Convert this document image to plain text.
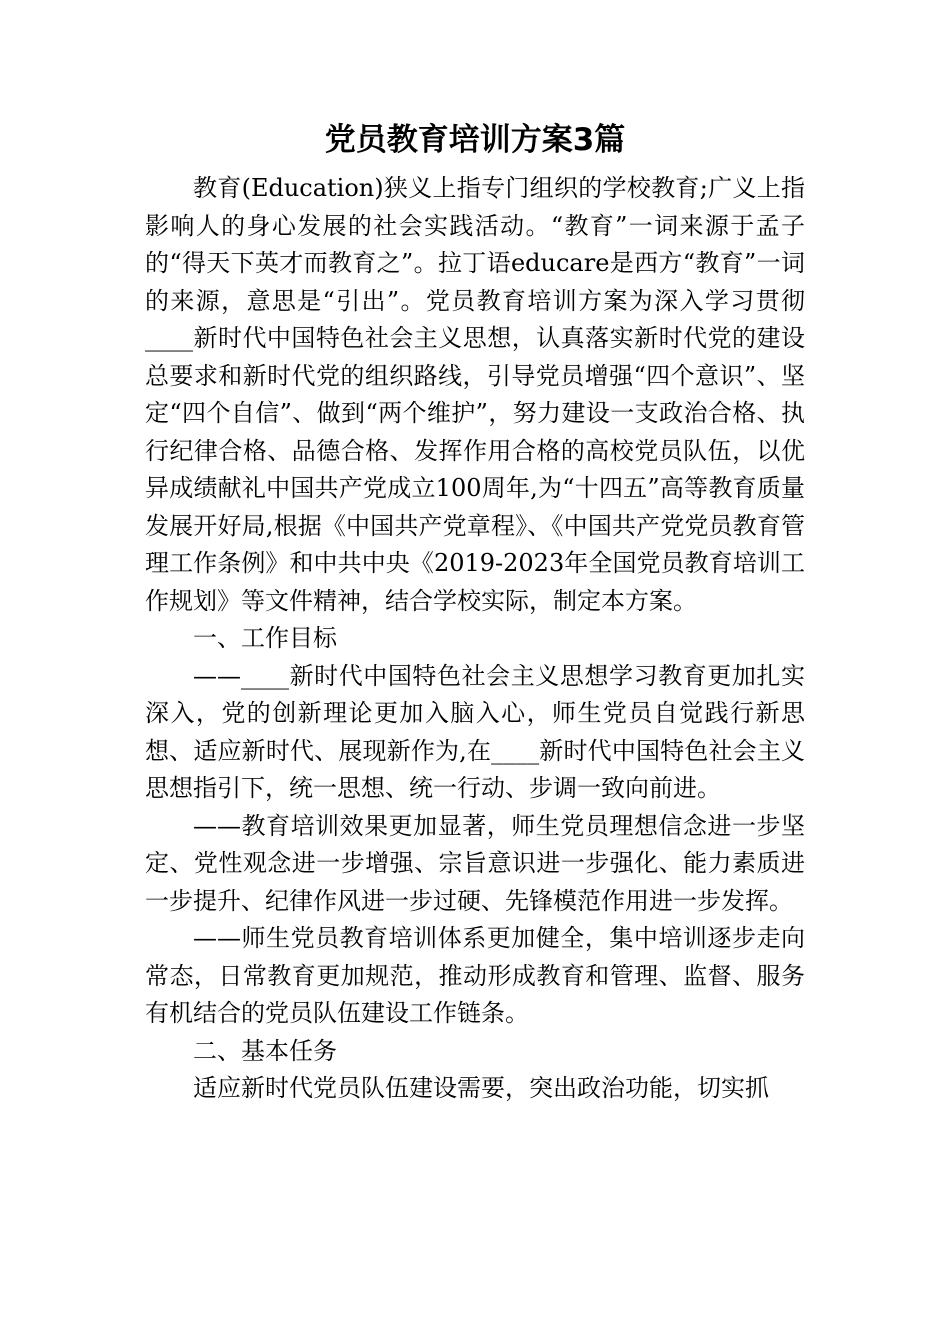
党员教育培训方案3篇

教育(Education)狭义上指专门组织的学校教育;广义上指影响人的身心发展的社会实践活动。“教育”一词来源于孟子的“得天下英才而教育之”。拉丁语educare是西方“教育”一词的来源，意思是“引出”。党员教育培训方案为深入学习贯彻____新时代中国特色社会主义思想，认真落实新时代党的建设总要求和新时代党的组织路线，引导党员增强“四个意识”、坚定“四个自信”、做到“两个维护”，努力建设一支政治合格、执行纪律合格、品德合格、发挥作用合格的高校党员队伍，以优异成绩献礼中国共产党成立100周年,为“十四五”高等教育质量发展开好局,根据《中国共产党章程》、《中国共产党党员教育管理工作条例》和中共中央《2019-2023年全国党员教育培训工作规划》等文件精神，结合学校实际，制定本方案。

一、工作目标

——____新时代中国特色社会主义思想学习教育更加扎实深入，党的创新理论更加入脑入心，师生党员自觉践行新思想、适应新时代、展现新作为,在____新时代中国特色社会主义思想指引下，统一思想、统一行动、步调一致向前进。

——教育培训效果更加显著，师生党员理想信念进一步坚定、党性观念进一步增强、宗旨意识进一步强化、能力素质进一步提升、纪律作风进一步过硬、先锋模范作用进一步发挥。

——师生党员教育培训体系更加健全，集中培训逐步走向常态，日常教育更加规范，推动形成教育和管理、监督、服务有机结合的党员队伍建设工作链条。

二、基本任务

适应新时代党员队伍建设需要，突出政治功能，切实抓
